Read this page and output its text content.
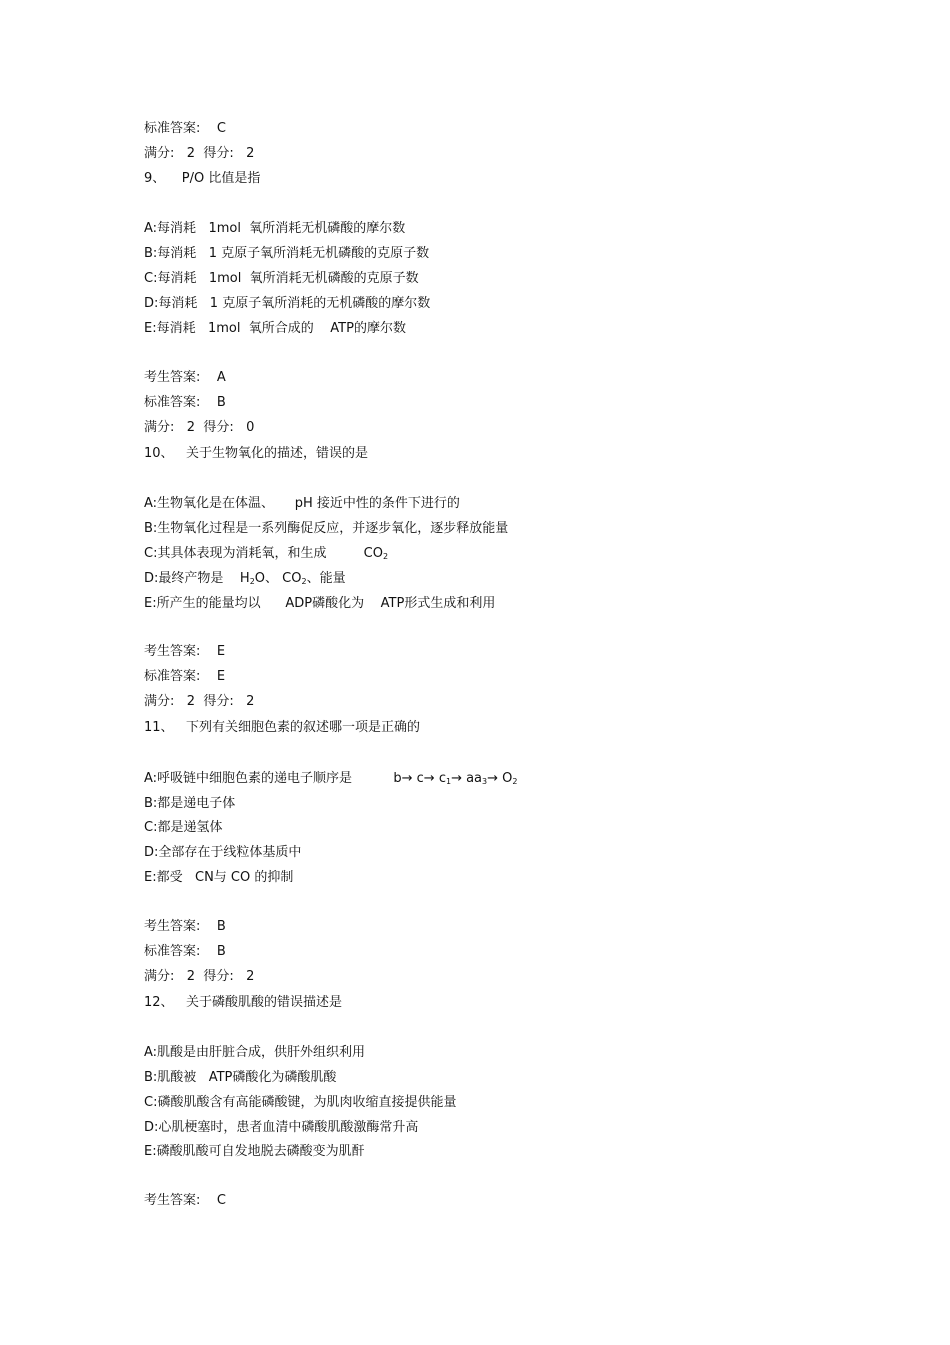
标准答案:    C
满分:   2  得分:   2
9、    P/O 比值是指
A:每消耗   1mol  氧所消耗无机磷酸的摩尔数
B:每消耗   1 克原子氧所消耗无机磷酸的克原子数
C:每消耗   1mol  氧所消耗无机磷酸的克原子数
D:每消耗   1 克原子氧所消耗的无机磷酸的摩尔数
E:每消耗   1mol  氧所合成的    ATP的摩尔数
考生答案:    A
标准答案:    B
满分:   2  得分:   0
10、   关于生物氧化的描述，错误的是
A:生物氧化是在体温、     pH 接近中性的条件下进行的
B:生物氧化过程是一系列酶促反应，并逐步氧化，逐步释放能量
C:其具体表现为消耗氧，和生成         $CO_2$
D:最终产物是    $H_2O$、 $CO_2$、能量
E:所产生的能量均以      ADP磷酸化为    ATP形式生成和利用
考生答案:    E
标准答案:    E
满分:   2  得分:   2
11、   下列有关细胞色素的叙述哪一项是正确的
A:呼吸链中细胞色素的递电子顺序是          $b\to c\to c_1\to aa_3\to O_2$
B:都是递电子体
C:都是递氢体
D:全部存在于线粒体基质中
E:都受   CN与 CO 的抑制
考生答案:    B
标准答案:    B
满分:   2  得分:   2
12、   关于磷酸肌酸的错误描述是
A:肌酸是由肝脏合成，供肝外组织利用
B:肌酸被   ATP磷酸化为磷酸肌酸
C:磷酸肌酸含有高能磷酸键，为肌肉收缩直接提供能量
D:心肌梗塞时，患者血清中磷酸肌酸激酶常升高
E:磷酸肌酸可自发地脱去磷酸变为肌酐
考生答案:    C
